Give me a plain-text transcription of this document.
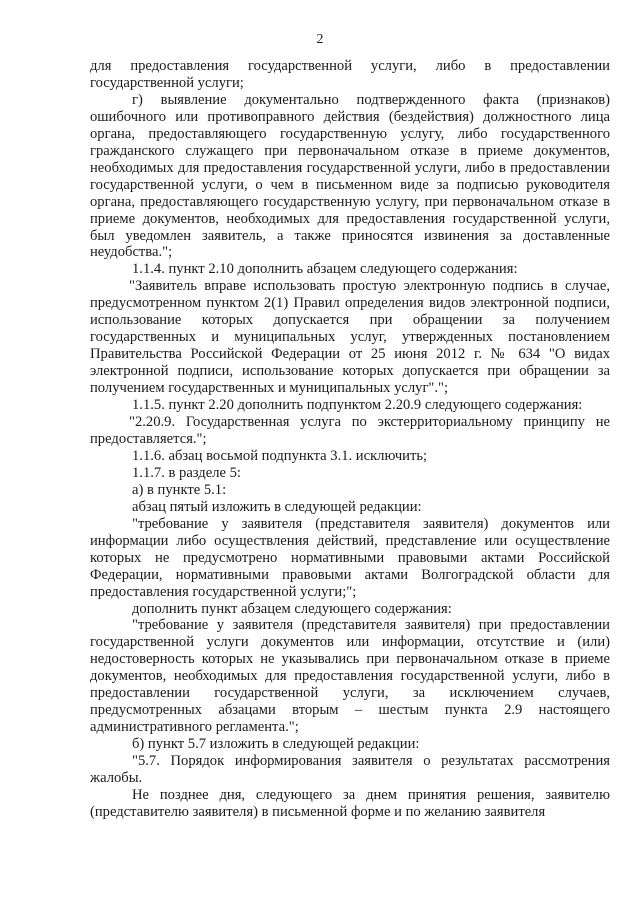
2

для предоставления государственной услуги, либо в предоставлении государственной услуги;

г) выявление документально подтвержденного факта (признаков) ошибочного или противоправного действия (бездействия) должностного лица органа, предоставляющего государственную услугу, либо государственного гражданского служащего при первоначальном отказе в приеме документов, необходимых для предоставления государственной услуги, либо в предоставлении государственной услуги, о чем в письменном виде за подписью руководителя органа, предоставляющего государственную услугу, при первоначальном отказе в приеме документов, необходимых для предоставления государственной услуги, был уведомлен заявитель, а также приносятся извинения за доставленные неудобства.";

1.1.4. пункт 2.10 дополнить абзацем следующего содержания:

"Заявитель вправе использовать простую электронную подпись в случае, предусмотренном пунктом 2(1) Правил определения видов электронной подписи, использование которых допускается при обращении за получением государственных и муниципальных услуг, утвержденных постановлением Правительства Российской Федерации от 25 июня 2012 г. № 634 "О видах электронной подписи, использование которых допускается при обращении за получением государственных и муниципальных услуг".";

1.1.5. пункт 2.20 дополнить подпунктом 2.20.9 следующего содержания:

"2.20.9. Государственная услуга по экстерриториальному принципу не предоставляется.";

1.1.6. абзац восьмой подпункта 3.1. исключить;

1.1.7. в разделе 5:

а) в пункте 5.1:

абзац пятый изложить в следующей редакции:

"требование у заявителя (представителя заявителя) документов или информации либо осуществления действий, представление или осуществление которых не предусмотрено нормативными правовыми актами Российской Федерации, нормативными правовыми актами Волгоградской области для предоставления государственной услуги;";

дополнить пункт абзацем следующего содержания:

"требование у заявителя (представителя заявителя) при предоставлении государственной услуги документов или информации, отсутствие и (или) недостоверность которых не указывались при первоначальном отказе в приеме документов, необходимых для предоставления государственной услуги, либо в предоставлении государственной услуги, за исключением случаев, предусмотренных абзацами вторым – шестым пункта 2.9 настоящего административного регламента.";

б) пункт 5.7 изложить в следующей редакции:

"5.7. Порядок информирования заявителя о результатах рассмотрения жалобы.

Не позднее дня, следующего за днем принятия решения, заявителю (представителю заявителя) в письменной форме и по желанию заявителя
